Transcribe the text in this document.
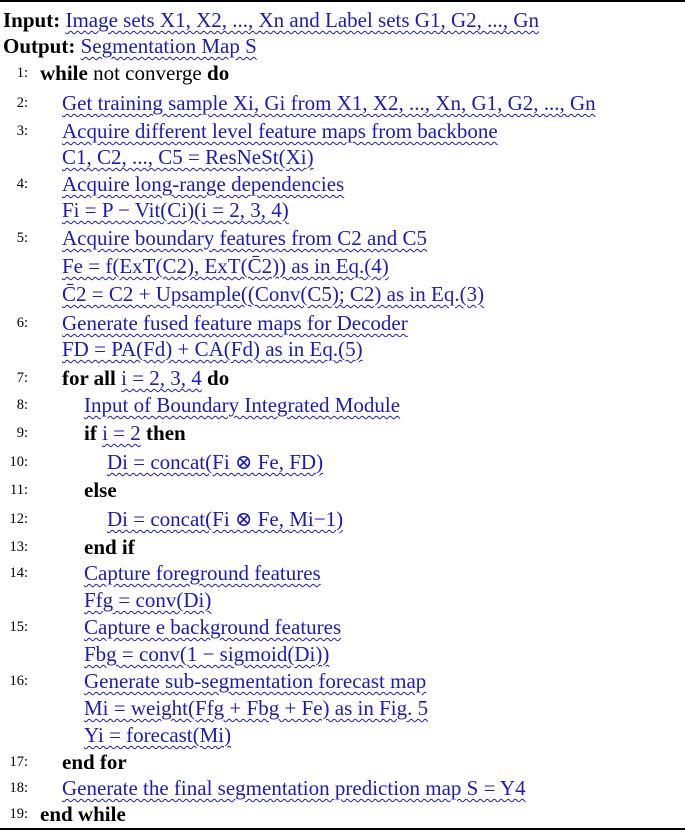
Input: Image sets X1, X2, ..., Xn and Label sets G1, G2, ..., Gn
Output: Segmentation Map S
1: while not converge do
2: Get training sample Xi, Gi from X1, X2, ..., Xn, G1, G2, ..., Gn
3: Acquire different level feature maps from backbone
C1, C2, ..., C5 = ResNeSt(Xi)
4: Acquire long-range dependencies
Fi = P − Vit(Ci)(i = 2, 3, 4)
5: Acquire boundary features from C2 and C5
Fe = f(ExT(C2), ExT(C̄2)) as in Eq.(4)
C̄2 = C2 + Upsample((Conv(C5); C2) as in Eq.(3)
6: Generate fused feature maps for Decoder
FD = PA(Fd) + CA(Fd) as in Eq.(5)
7: for all i = 2, 3, 4 do
8:	Input of Boundary Integrated Module
9:	if i = 2 then
10:	Di = concat(Fi ⊗ Fe, FD)
11:	else
12:	Di = concat(Fi ⊗ Fe, Mi−1)
13:	end if
14:	Capture foreground features
Ffg = conv(Di)
15:	Capture e background features
Fbg = conv(1 − sigmoid(Di))
16:	Generate sub-segmentation forecast map
Mi = weight(Ffg + Fbg + Fe) as in Fig. 5
Yi = forecast(Mi)
17: end for
18: Generate the final segmentation prediction map S = Y4
19: end while
